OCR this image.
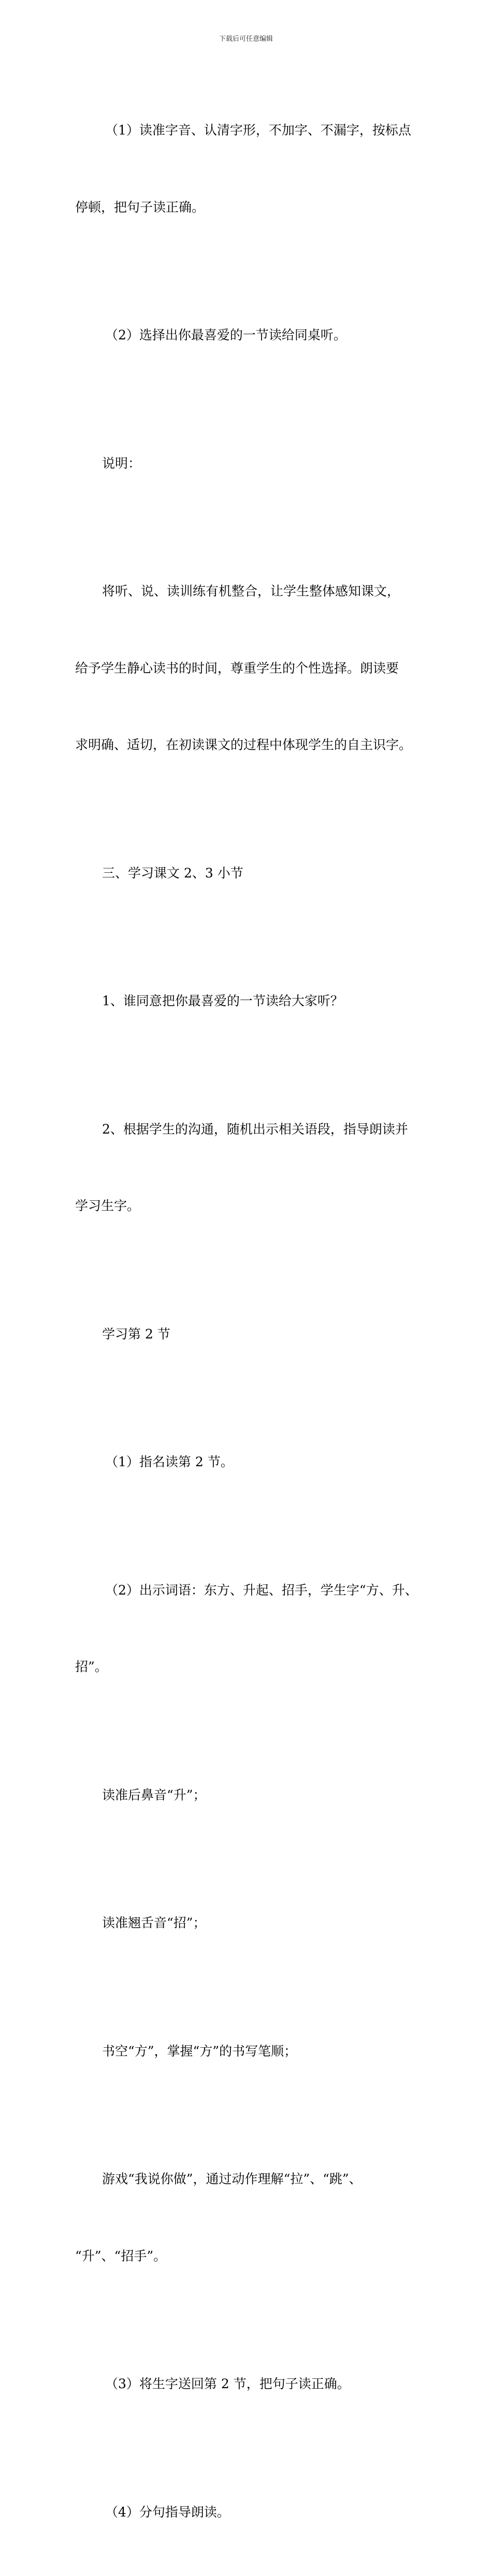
下载后可任意编辑

（1）读准字音、认清字形，不加字、不漏字，按标点

停顿，把句子读正确。

（2）选择出你最喜爱的一节读给同桌听。

说明：

将听、说、读训练有机整合，让学生整体感知课文，

给予学生静心读书的时间，尊重学生的个性选择。朗读要

求明确、适切，在初读课文的过程中体现学生的自主识字。

三、学习课文 2、3 小节

1、谁同意把你最喜爱的一节读给大家听？

2、根据学生的沟通，随机出示相关语段，指导朗读并

学习生字。

学习第 2 节

（1）指名读第 2 节。

（2）出示词语：东方、升起、招手，学生字“方、升、

招”。

读准后鼻音“升”；

读准翘舌音“招”；

书空“方”，掌握“方”的书写笔顺；

游戏“我说你做”，通过动作理解“拉”、“跳”、

“升”、“招手”。

（3）将生字送回第 2 节，把句子读正确。

（4）分句指导朗读。
